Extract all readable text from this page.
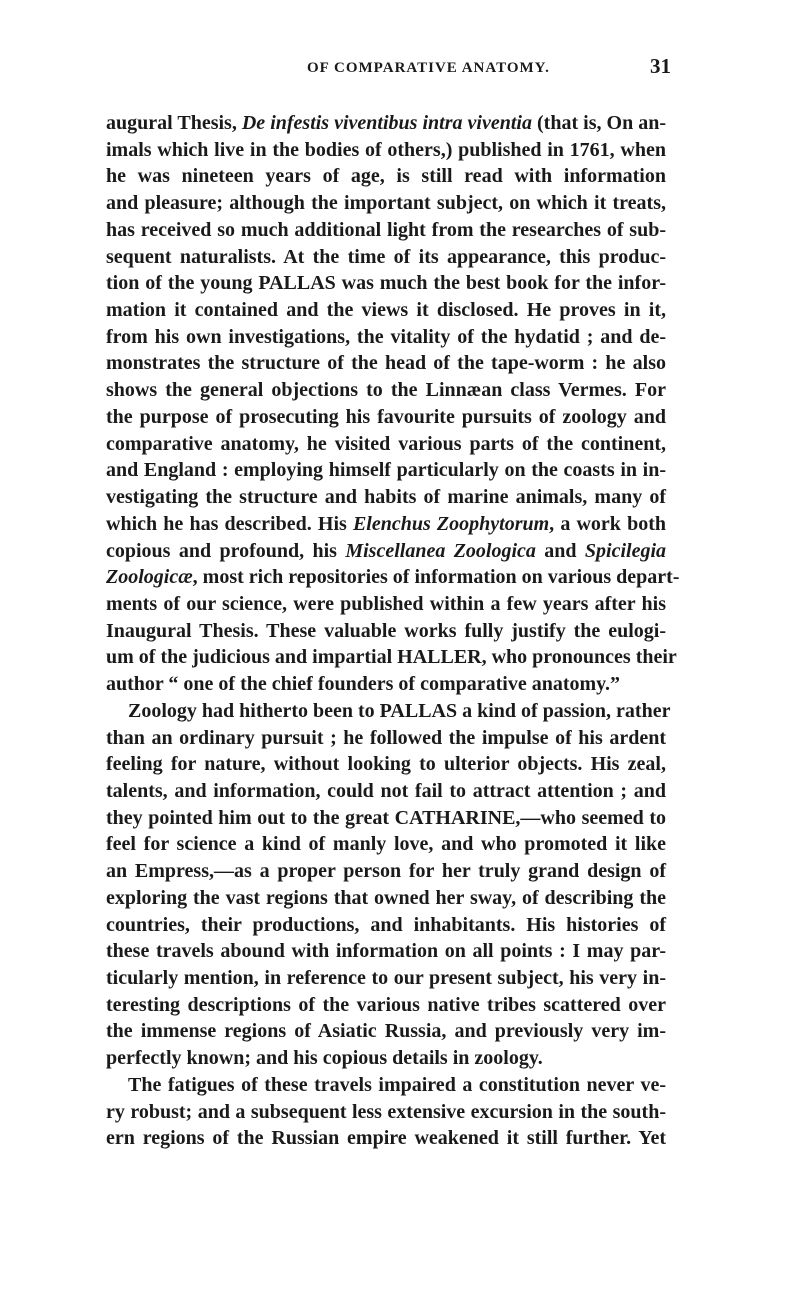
OF COMPARATIVE ANATOMY.	31
augural Thesis, De infestis viventibus intra viventia (that is, On an-
imals which live in the bodies of others,) published in 1761, when
he was nineteen years of age, is still read with information
and pleasure; although the important subject, on which it treats,
has received so much additional light from the researches of sub-
sequent naturalists. At the time of its appearance, this produc-
tion of the young PALLAS was much the best book for the infor-
mation it contained and the views it disclosed. He proves in it,
from his own investigations, the vitality of the hydatid ; and de-
monstrates the structure of the head of the tape-worm : he also
shows the general objections to the Linnæan class Vermes. For
the purpose of prosecuting his favourite pursuits of zoology and
comparative anatomy, he visited various parts of the continent,
and England : employing himself particularly on the coasts in in-
vestigating the structure and habits of marine animals, many of
which he has described. His Elenchus Zoophytorum, a work both
copious and profound, his Miscellanea Zoologica and Spicilegia
Zoologicæ, most rich repositories of information on various depart-
ments of our science, were published within a few years after his
Inaugural Thesis. These valuable works fully justify the eulogi-
um of the judicious and impartial HALLER, who pronounces their
author “ one of the chief founders of comparative anatomy.”
Zoology had hitherto been to PALLAS a kind of passion, rather
than an ordinary pursuit ; he followed the impulse of his ardent
feeling for nature, without looking to ulterior objects. His zeal,
talents, and information, could not fail to attract attention ; and
they pointed him out to the great CATHARINE,—who seemed to
feel for science a kind of manly love, and who promoted it like
an Empress,—as a proper person for her truly grand design of
exploring the vast regions that owned her sway, of describing the
countries, their productions, and inhabitants. His histories of
these travels abound with information on all points : I may par-
ticularly mention, in reference to our present subject, his very in-
teresting descriptions of the various native tribes scattered over
the immense regions of Asiatic Russia, and previously very im-
perfectly known; and his copious details in zoology.
The fatigues of these travels impaired a constitution never ve-
ry robust; and a subsequent less extensive excursion in the south-
ern regions of the Russian empire weakened it still further. Yet
